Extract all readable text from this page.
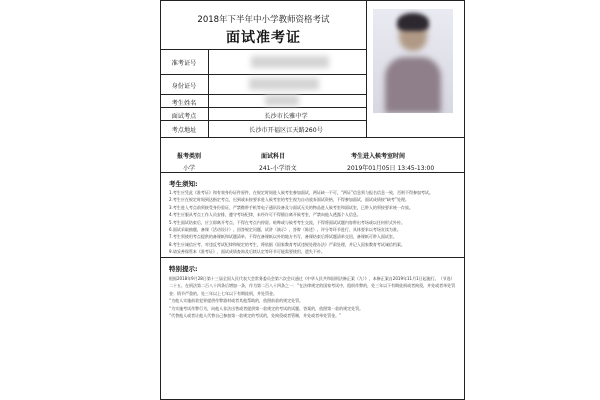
2018年下半年中小学教师资格考试
面试准考证
准考证号
身份证号
考生姓名
面试考点	长沙市长雅中学
考点地址	长沙市开福区江天路260号
报考类别	面试科目	考生进入候考室时间
小学	241-小学语文	2019年01月05日 13:45-13:00
考生须知:
1.考生应凭此《准考证》和有效身份证件原件，在规定时间进入候考室参加面试，两证缺一不可，“两证”信息须与报名信息一致，否则不得参加考试。
2.考生应在规定时间到达指定考点，迟到或未按要求进入候考室的考生视为自动放弃面试资格，不得参加面试，面试成绩按“缺考”处理。
3.考生进入考点前须接受身份验证，严禁携带手机等电子通讯设备及与面试无关的物品进入候考室和面试室，已带入的须按要求统一存放。
4.考生应服从考点工作人员安排，遵守考场纪律，未经许可不得擅自离开候考室，严禁向他人透露个人信息。
5.考生面试结束后，应立即离开考点，不得在考点内停留、喧哗或与候考考生交流，不得将面试试题内容带出考场或以任何形式外传。
6.面试采取抽题、备课（活动设计）、回答规定问题、试讲（演示）、答辩（陈述）、评分等环节进行，具体要求以考场宣读为准。
7.考生须使用考点提供的备课纸和试题清单，不得在备课纸以外的地方书写，备课结束后将试题清单交回，备课纸可带入面试室。
8.考生应诚信应考，对违反考试纪律和规定的考生，将依据《国家教育考试违规处理办法》严肃处理，并记入国家教育考试诚信档案。
9.请妥善保管本《准考证》，面试成绩查询及后续认定等环节可能需要使用，遗失不补。
特别提示:
根据2018年9月28日第十三届全国人民代表大会常务委员会第六次会议通过《中华人民共和国刑法修正案（九）》，本修正案自2019年11月1日起施行。（节选）
二十五、在刑法第二百八十四条后增加一条，作为第二百八十四条之一：“在法律规定的国家考试中，组织作弊的，处三年以下有期徒刑或者拘役，并处或者单处罚金；情节严重的，处三年以上七年以下有期徒刑，并处罚金。
“为他人实施前款犯罪提供作弊器材或者其他帮助的，依照前款的规定处罚。
“为实施考试作弊行为，向他人非法出售或者提供第一款规定的考试的试题、答案的，依照第一款的规定处罚。
“代替他人或者让他人代替自己参加第一款规定的考试的，处拘役或者管制，并处或者单处罚金。”
